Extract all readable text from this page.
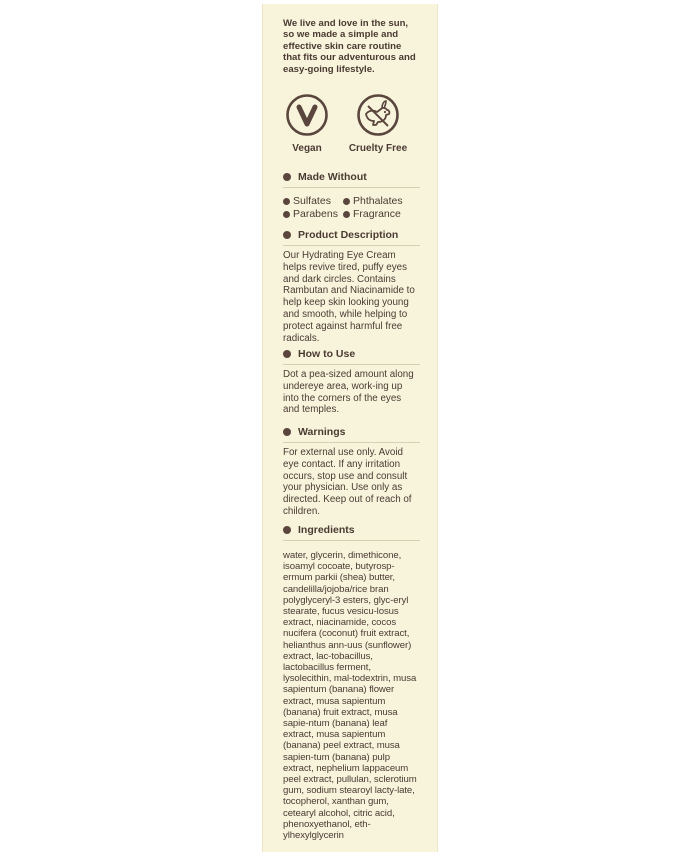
We live and love in the sun, so we made a simple and effective skin care routine that fits our adventurous and easy-going lifestyle.

Vegan	Cruelty Free
Made Without
Sulfates Phthalates
Parabens Fragrance
Product Description
Our Hydrating Eye Cream helps revive tired, puffy eyes and dark circles. Contains Rambutan and Niacinamide to help keep skin looking young and smooth, while helping to protect against harmful free radicals.
How to Use
Dot a pea-sized amount along undereye area, work-ing up into the corners of the eyes and temples.
Warnings
For external use only. Avoid eye contact. If any irritation occurs, stop use and consult your physician. Use only as directed. Keep out of reach of children.
Ingredients
water, glycerin, dimethicone, isoamyl cocoate, butyrosp-ermum parkii (shea) butter, candelilla/jojoba/rice bran polyglyceryl-3 esters, glyc-eryl stearate, fucus vesicu-losus extract, niacinamide, cocos nucifera (coconut) fruit extract, helianthus ann-uus (sunflower) extract, lac-tobacillus, lactobacillus ferment, lysolecithin, mal-todextrin, musa sapientum (banana) flower extract, musa sapientum (banana) fruit extract, musa sapie-ntum (banana) leaf extract, musa sapientum (banana) peel extract, musa sapien-tum (banana) pulp extract, nephelium lappaceum peel extract, pullulan, sclerotium gum, sodium stearoyl lacty-late, tocopherol, xanthan gum, cetearyl alcohol, citric acid, phenoxyethanol, eth-ylhexylglycerin
